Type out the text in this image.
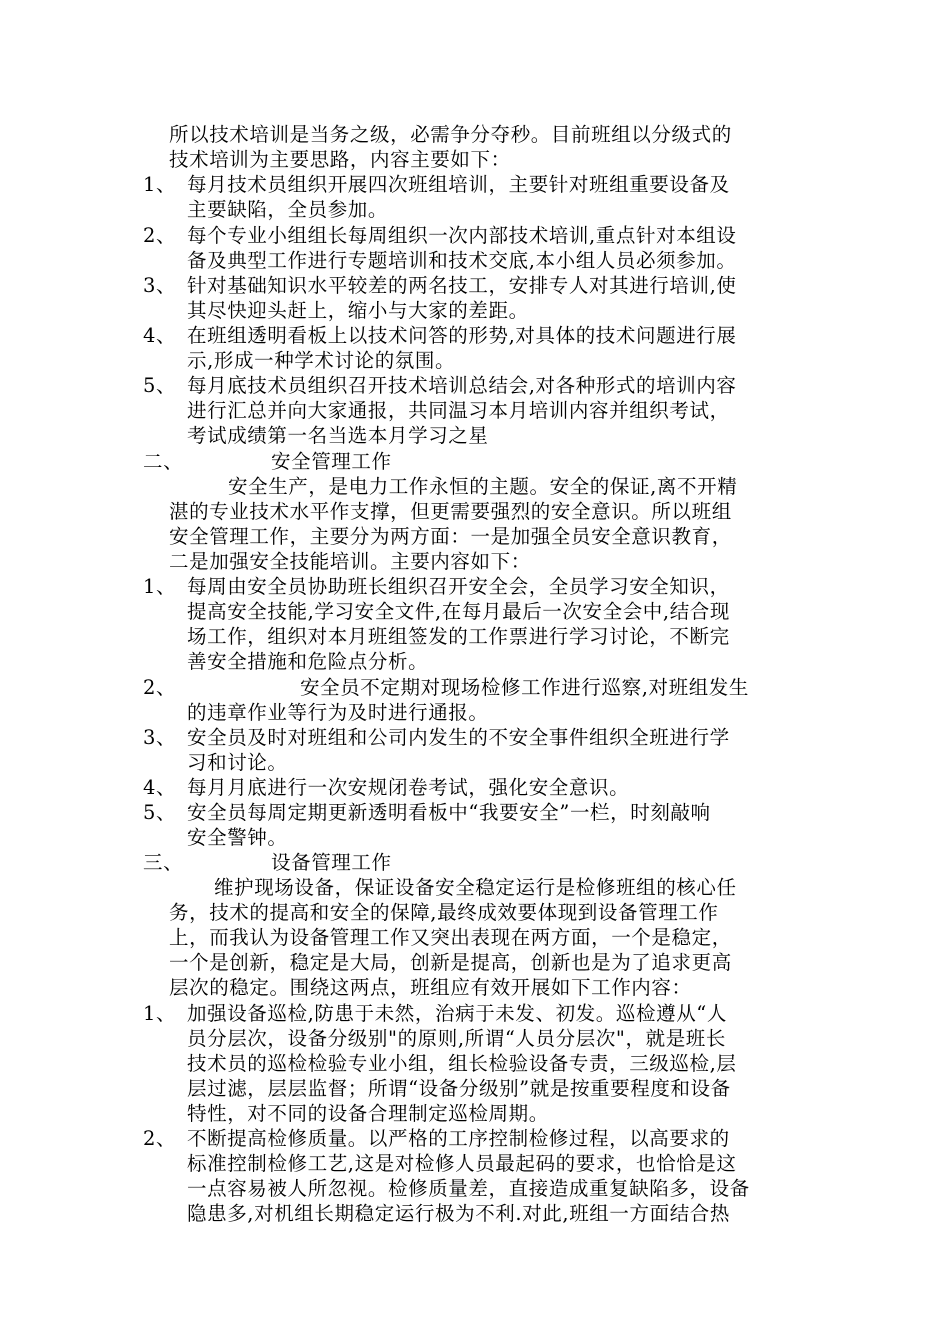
所以技术培训是当务之级，必需争分夺秒。目前班组以分级式的
技术培训为主要思路，内容主要如下：
1、 每月技术员组织开展四次班组培训，主要针对班组重要设备及
主要缺陷，全员参加。
2、 每个专业小组组长每周组织一次内部技术培训,重点针对本组设
备及典型工作进行专题培训和技术交底,本小组人员必须参加。
3、 针对基础知识水平较差的两名技工，安排专人对其进行培训,使
其尽快迎头赶上，缩小与大家的差距。
4、 在班组透明看板上以技术问答的形势,对具体的技术问题进行展
示,形成一种学术讨论的氛围。
5、 每月底技术员组织召开技术培训总结会,对各种形式的培训内容
进行汇总并向大家通报，共同温习本月培训内容并组织考试，
考试成绩第一名当选本月学习之星
二、	安全管理工作
安全生产，是电力工作永恒的主题。安全的保证,离不开精
湛的专业技术水平作支撑，但更需要强烈的安全意识。所以班组
安全管理工作，主要分为两方面：一是加强全员安全意识教育，
二是加强安全技能培训。主要内容如下：
1、 每周由安全员协助班长组织召开安全会，全员学习安全知识，
提高安全技能,学习安全文件,在每月最后一次安全会中,结合现
场工作，组织对本月班组签发的工作票进行学习讨论，不断完
善安全措施和危险点分析。
2、	安全员不定期对现场检修工作进行巡察,对班组发生
的违章作业等行为及时进行通报。
3、 安全员及时对班组和公司内发生的不安全事件组织全班进行学
习和讨论。
4、 每月月底进行一次安规闭卷考试，强化安全意识。
5、 安全员每周定期更新透明看板中“我要安全”一栏，时刻敲响
安全警钟。
三、	设备管理工作
维护现场设备，保证设备安全稳定运行是检修班组的核心任
务，技术的提高和安全的保障,最终成效要体现到设备管理工作
上，而我认为设备管理工作又突出表现在两方面，一个是稳定，
一个是创新，稳定是大局，创新是提高，创新也是为了追求更高
层次的稳定。围绕这两点，班组应有效开展如下工作内容：
1、 加强设备巡检,防患于未然，治病于未发、初发。巡检遵从“人
员分层次，设备分级别"的原则,所谓“人员分层次"，就是班长
技术员的巡检检验专业小组，组长检验设备专责，三级巡检,层
层过滤，层层监督；所谓“设备分级别”就是按重要程度和设备
特性，对不同的设备合理制定巡检周期。
2、 不断提高检修质量。以严格的工序控制检修过程，以高要求的
标准控制检修工艺,这是对检修人员最起码的要求，也恰恰是这
一点容易被人所忽视。检修质量差，直接造成重复缺陷多，设备
隐患多,对机组长期稳定运行极为不利.对此,班组一方面结合热
